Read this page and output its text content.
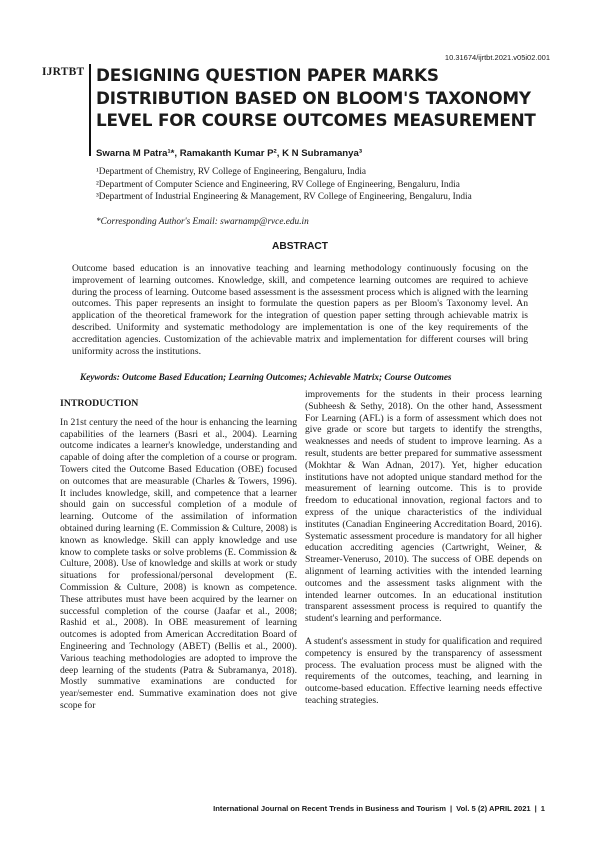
10.31674/ijrtbt.2021.v05i02.001
IJRTBT DESIGNING QUESTION PAPER MARKS DISTRIBUTION BASED ON BLOOM'S TAXONOMY LEVEL FOR COURSE OUTCOMES MEASUREMENT
Swarna M Patra¹*, Ramakanth Kumar P², K N Subramanya³
¹Department of Chemistry, RV College of Engineering, Bengaluru, India
²Department of Computer Science and Engineering, RV College of Engineering, Bengaluru, India
³Department of Industrial Engineering & Management, RV College of Engineering, Bengaluru, India
*Corresponding Author's Email: swarnamp@rvce.edu.in
ABSTRACT
Outcome based education is an innovative teaching and learning methodology continuously focusing on the improvement of learning outcomes. Knowledge, skill, and competence learning outcomes are required to achieve during the process of learning. Outcome based assessment is the assessment process which is aligned with the learning outcomes. This paper represents an insight to formulate the question papers as per Bloom's Taxonomy level. An application of the theoretical framework for the integration of question paper setting through achievable matrix is described. Uniformity and systematic methodology are implementation is one of the key requirements of the accreditation agencies. Customization of the achievable matrix and implementation for different courses will bring uniformity across the institutions.
Keywords: Outcome Based Education; Learning Outcomes; Achievable Matrix; Course Outcomes
INTRODUCTION

In 21st century the need of the hour is enhancing the learning capabilities of the learners (Basri et al., 2004). Learning outcome indicates a learner's knowledge, understanding and capable of doing after the completion of a course or program. Towers cited the Outcome Based Education (OBE) focused on outcomes that are measurable (Charles & Towers, 1996). It includes knowledge, skill, and competence that a learner should gain on successful completion of a module of learning. Outcome of the assimilation of information obtained during learning (E. Commission & Culture, 2008) is known as knowledge. Skill can apply knowledge and use know to complete tasks or solve problems (E. Commission & Culture, 2008). Use of knowledge and skills at work or study situations for professional/personal development (E. Commission & Culture, 2008) is known as competence. These attributes must have been acquired by the learner on successful completion of the course (Jaafar et al., 2008; Rashid et al., 2008). In OBE measurement of learning outcomes is adopted from American Accreditation Board of Engineering and Technology (ABET) (Bellis et al., 2000). Various teaching methodologies are adopted to improve the deep learning of the students (Patra & Subramanya, 2018). Mostly summative examinations are conducted for year/semester end. Summative examination does not give scope for

improvements for the students in their process learning (Subheesh & Sethy, 2018). On the other hand, Assessment For Learning (AFL) is a form of assessment which does not give grade or score but targets to identify the strengths, weaknesses and needs of student to improve learning. As a result, students are better prepared for summative assessment (Mokhtar & Wan Adnan, 2017). Yet, higher education institutions have not adopted unique standard method for the measurement of learning outcome. This is to provide freedom to educational innovation, regional factors and to express of the unique characteristics of the individual institutes (Canadian Engineering Accreditation Board, 2016). Systematic assessment procedure is mandatory for all higher education accrediting agencies (Cartwright, Weiner, & Streamer-Veneruso, 2010). The success of OBE depends on alignment of learning activities with the intended learning outcomes and the assessment tasks alignment with the intended learner outcomes. In an educational institution transparent assessment process is required to quantify the student's learning and performance.

A student's assessment in study for qualification and required competency is ensured by the transparency of assessment process. The evaluation process must be aligned with the requirements of the outcomes, teaching, and learning in outcome-based education. Effective learning needs effective teaching strategies.

International Journal on Recent Trends in Business and Tourism | Vol. 5 (2) APRIL 2021 | 1
